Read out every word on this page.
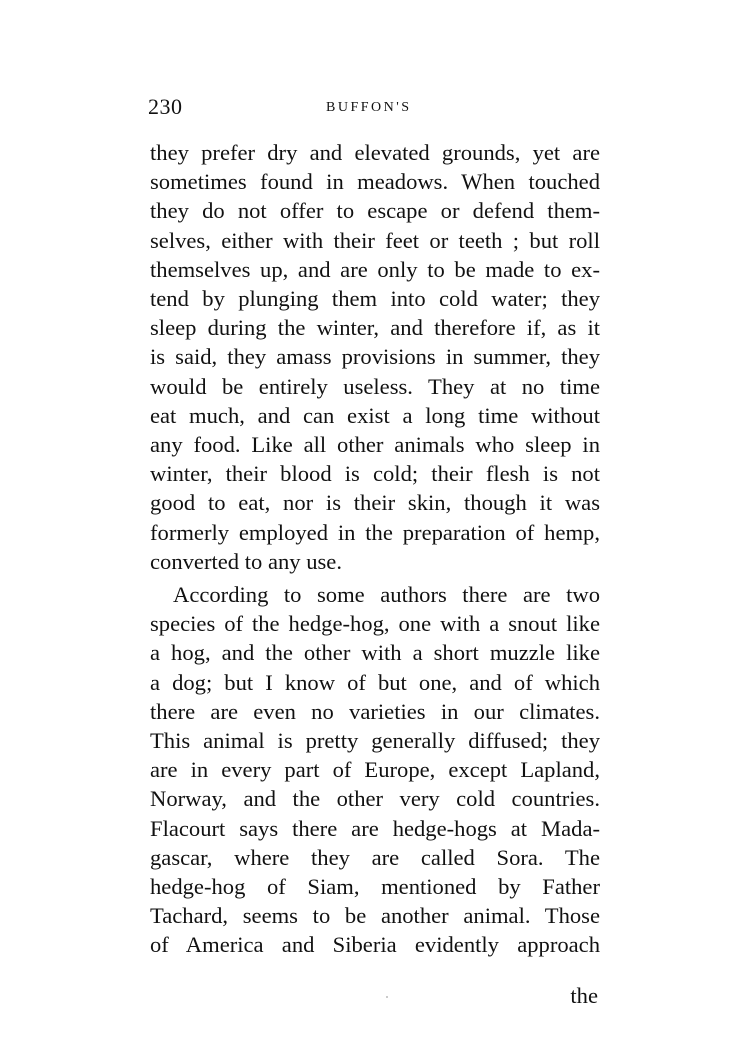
230	BUFFON'S
they prefer dry and elevated grounds, yet are
sometimes found in meadows. When touched
they do not offer to escape or defend them-
selves, either with their feet or teeth ; but roll
themselves up, and are only to be made to ex-
tend by plunging them into cold water; they
sleep during the winter, and therefore if, as it
is said, they amass provisions in summer, they
would be entirely useless. They at no time
eat much, and can exist a long time without
any food. Like all other animals who sleep in
winter, their blood is cold; their flesh is not
good to eat, nor is their skin, though it was
formerly employed in the preparation of hemp,
converted to any use.
According to some authors there are two
species of the hedge-hog, one with a snout like
a hog, and the other with a short muzzle like
a dog; but I know of but one, and of which
there are even no varieties in our climates.
This animal is pretty generally diffused; they
are in every part of Europe, except Lapland,
Norway, and the other very cold countries.
Flacourt says there are hedge-hogs at Mada-
gascar, where they are called Sora. The
hedge-hog of Siam, mentioned by Father
Tachard, seems to be another animal. Those
of America and Siberia evidently approach
the
